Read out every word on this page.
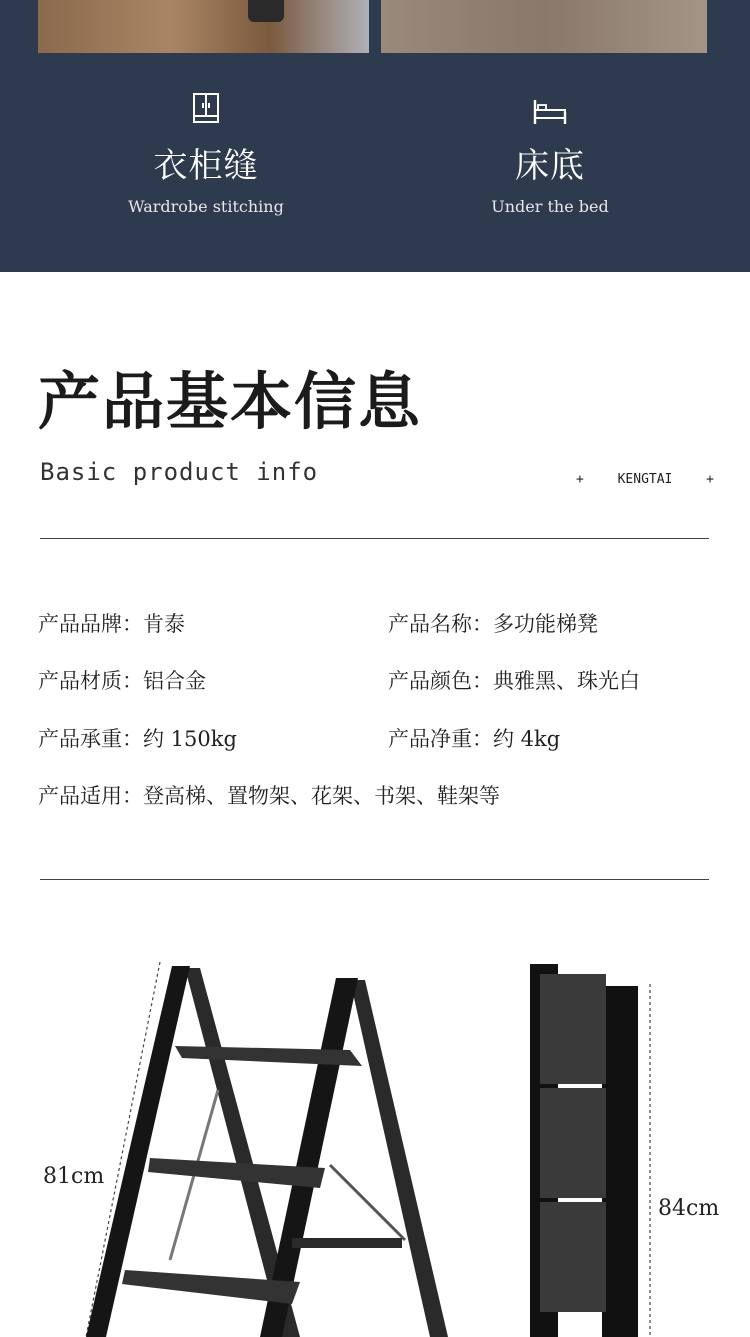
衣柜缝
Wardrobe stitching
床底
Under the bed
产品基本信息
Basic product info	+	KENGTAI	+
产品品牌：肯泰	产品名称：多功能梯凳
产品材质：铝合金	产品颜色：典雅黑、珠光白
产品承重：约 150kg	产品净重：约 4kg
产品适用：登高梯、置物架、花架、书架、鞋架等
81cm
84cm
